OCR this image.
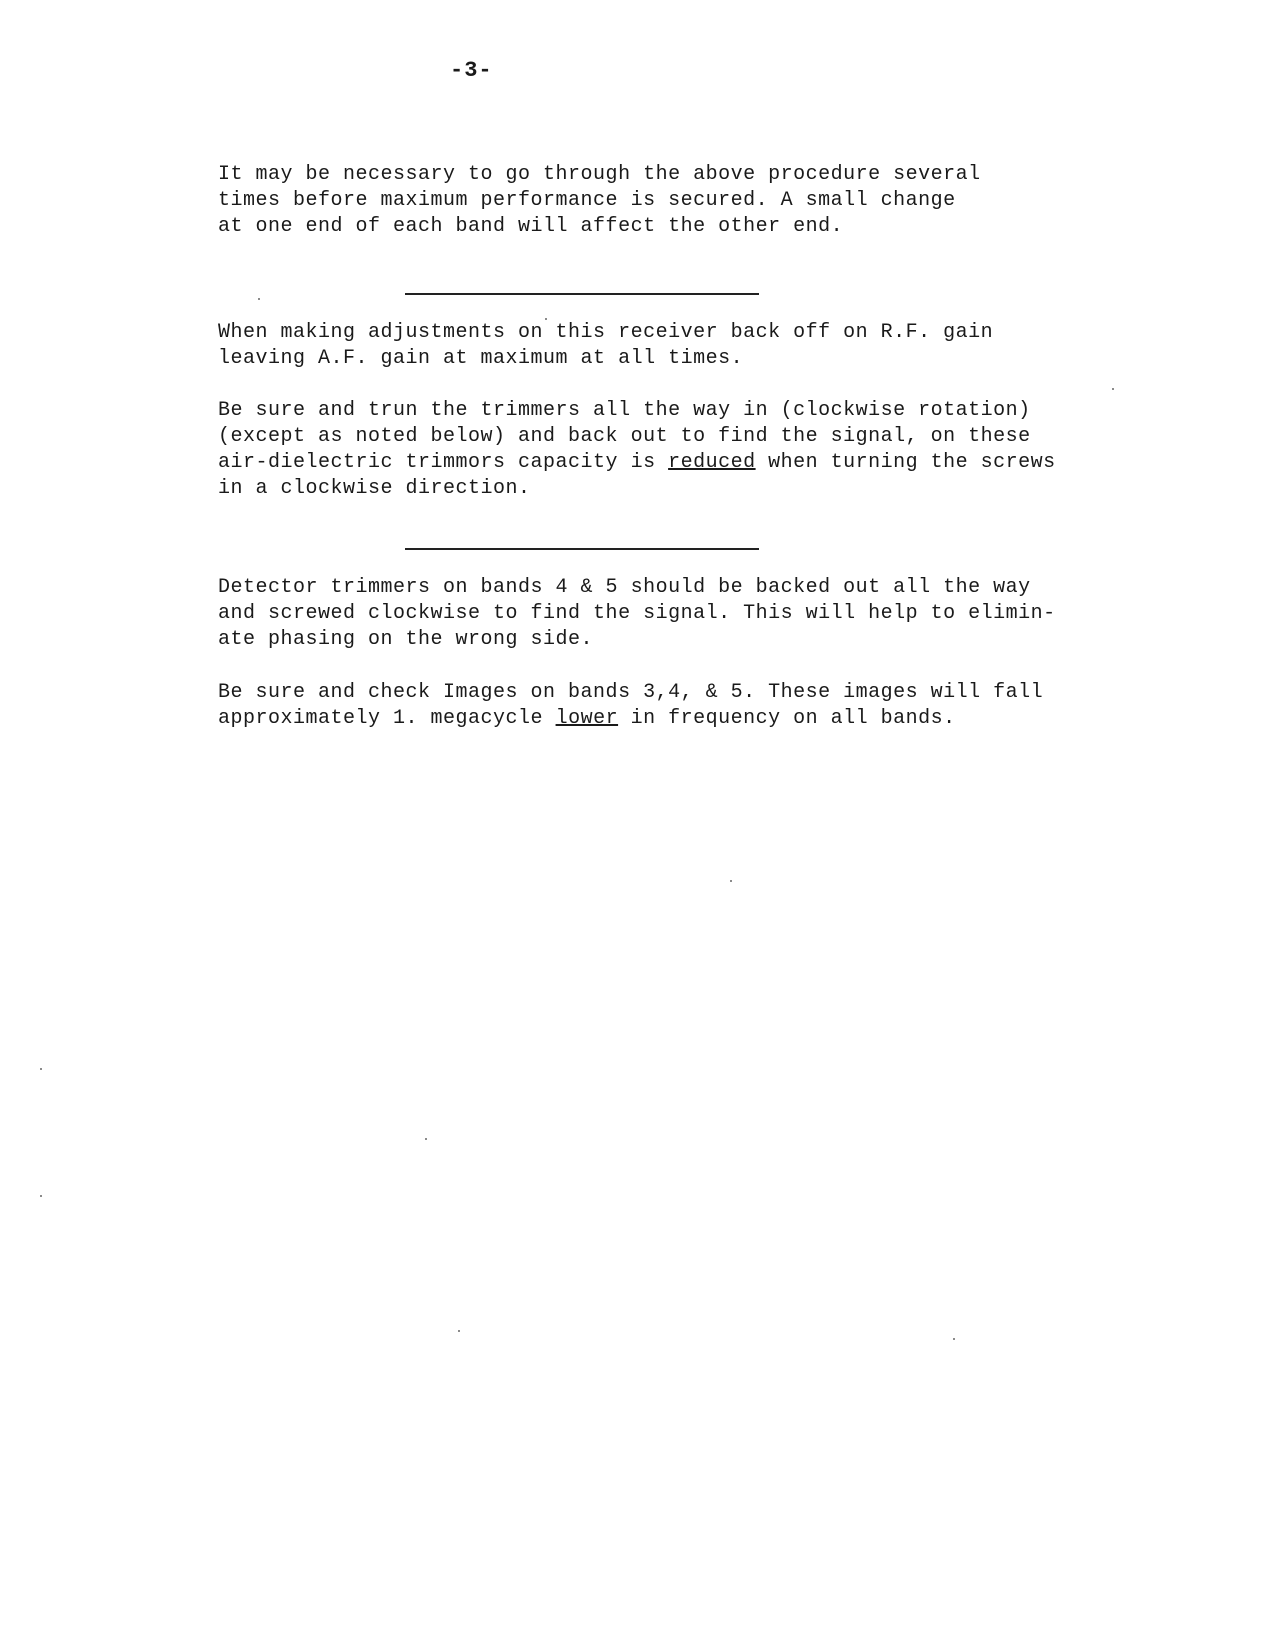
-3-
It may be necessary to go through the above procedure several
times before maximum performance is secured. A small change
at one end of each band will affect the other end.
When making adjustments on this receiver back off on R.F. gain
leaving A.F. gain at maximum at all times.
Be sure and trun the trimmers all the way in (clockwise rotation)
(except as noted below) and back out to find the signal, on these
air-dielectric trimmors capacity is reduced when turning the screws
in a clockwise direction.
Detector trimmers on bands 4 & 5 should be backed out all the way
and screwed clockwise to find the signal. This will help to elimin-
ate phasing on the wrong side.
Be sure and check Images on bands 3,4, & 5. These images will fall
approximately 1. megacycle lower in frequency on all bands.
